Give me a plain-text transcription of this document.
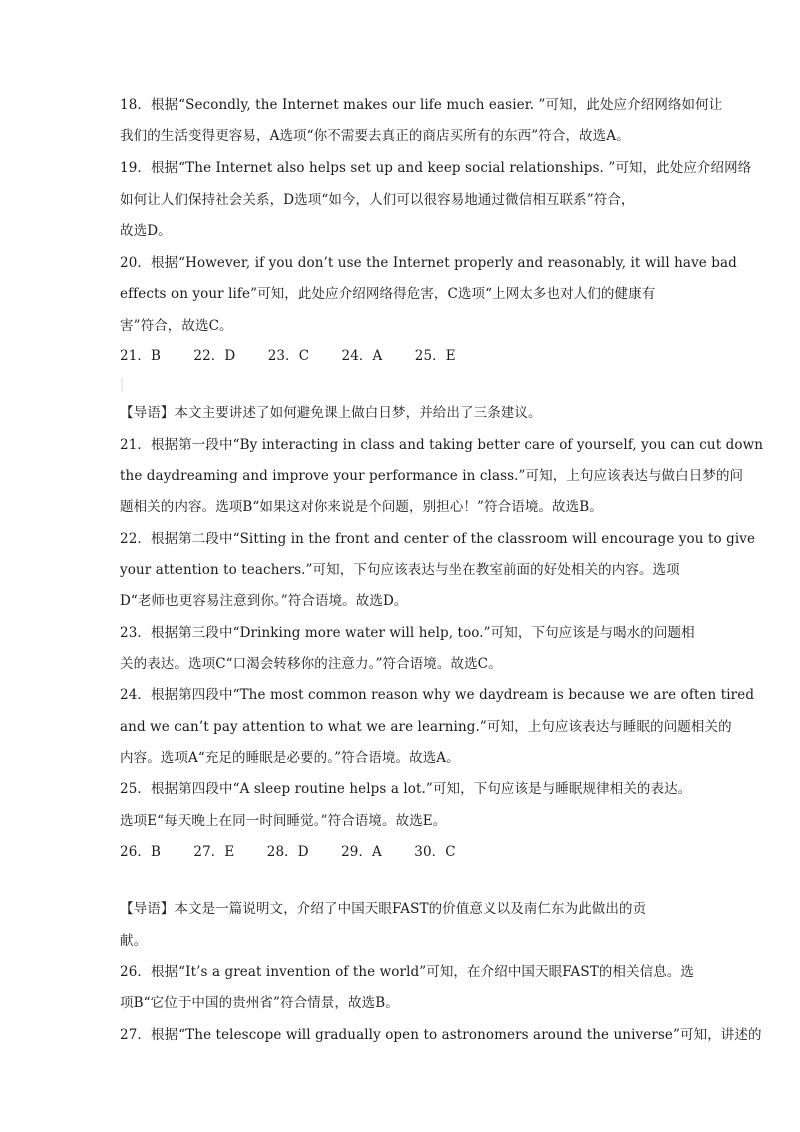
18．根据“Secondly, the Internet makes our life much easier. ”可知，此处应介绍网络如何让
我们的生活变得更容易，A选项“你不需要去真正的商店买所有的东西”符合，故选A。
19．根据“The Internet also helps set up and keep social relationships. ”可知，此处应介绍网络
如何让人们保持社会关系，D选项“如今，人们可以很容易地通过微信相互联系”符合，
故选D。
20．根据“However, if you don’t use the Internet properly and reasonably, it will have bad
effects on your life”可知，此处应介绍网络得危害，C选项“上网太多也对人们的健康有
害”符合，故选C。
21．B 22．D 23．C 24．A 25．E
【导语】本文主要讲述了如何避免课上做白日梦，并给出了三条建议。
21．根据第一段中“By interacting in class and taking better care of yourself, you can cut down
the daydreaming and improve your performance in class.”可知，上句应该表达与做白日梦的问
题相关的内容。选项B“如果这对你来说是个问题，别担心！”符合语境。故选B。
22．根据第二段中“Sitting in the front and center of the classroom will encourage you to give
your attention to teachers.”可知，下句应该表达与坐在教室前面的好处相关的内容。选项
D“老师也更容易注意到你。”符合语境。故选D。
23．根据第三段中“Drinking more water will help, too.”可知，下句应该是与喝水的问题相
关的表达。选项C“口渴会转移你的注意力。”符合语境。故选C。
24．根据第四段中“The most common reason why we daydream is because we are often tired
and we can’t pay attention to what we are learning.”可知，上句应该表达与睡眠的问题相关的
内容。选项A“充足的睡眠是必要的。”符合语境。故选A。
25．根据第四段中“A sleep routine helps a lot.”可知，下句应该是与睡眠规律相关的表达。
选项E“每天晚上在同一时间睡觉。”符合语境。故选E。
26．B 27．E 28．D 29．A 30．C
【导语】本文是一篇说明文，介绍了中国天眼FAST的价值意义以及南仁东为此做出的贡
献。
26．根据“It’s a great invention of the world”可知，在介绍中国天眼FAST的相关信息。选
项B“它位于中国的贵州省”符合情景，故选B。
27．根据“The telescope will gradually open to astronomers around the universe”可知，讲述的
